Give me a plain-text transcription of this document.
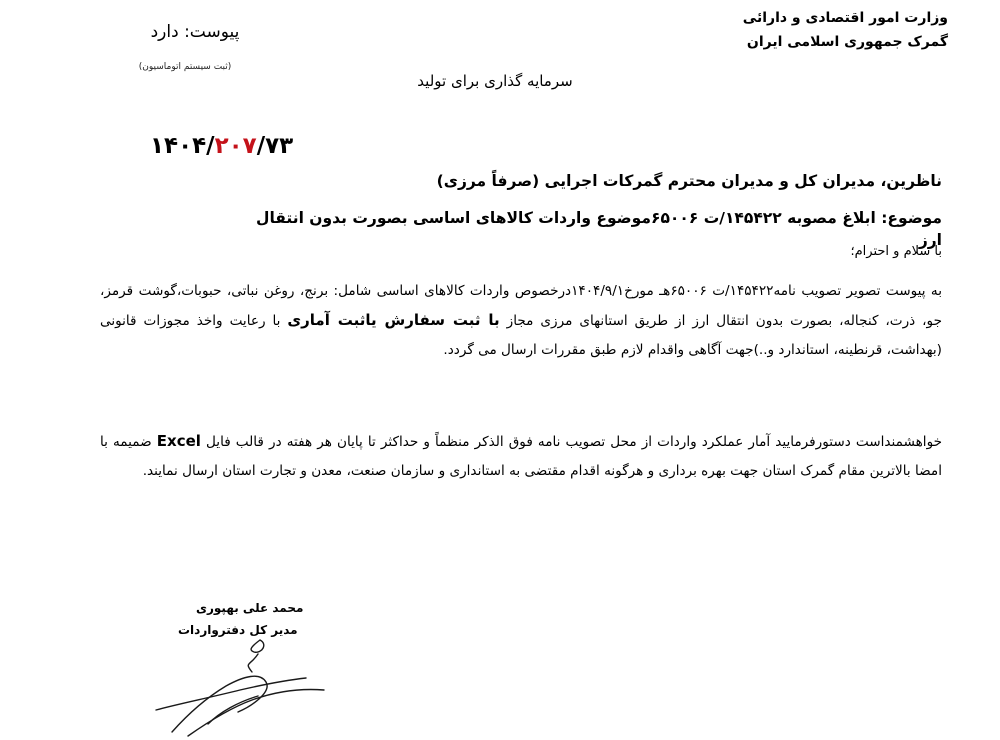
وزارت امور اقتصادی و دارائی
گمرک جمهوری اسلامی ایران
پیوست: دارد
(ثبت سیستم اتوماسیون)
سرمایه گذاری برای تولید
۱۴۰۴/۲۰۷/۷۳
ناظرین، مدیران کل و مدیران محترم گمرکات اجرایی (صرفاً مرزی)
موضوع: ابلاغ مصوبه ۱۴۵۴۲۲/ت ۶۵۰۰۶موضوع واردات کالاهای اساسی بصورت بدون انتقال ارز
با سلام و احترام؛
به پیوست تصویر تصویب نامه۱۴۵۴۲۲/ت ۶۵۰۰۶هـ مورخ۱۴۰۴/۹/۱درخصوص واردات کالاهای اساسی شامل: برنج، روغن نباتی، حبوبات،گوشت قرمز، جو، ذرت، کنجاله، بصورت بدون انتقال ارز از طریق استانهای مرزی مجاز با ثبت سفارش یاثبت آماری با رعایت واخذ مجوزات قانونی (بهداشت، قرنطینه، استاندارد و..)جهت آگاهی واقدام لازم طبق مقررات ارسال می گردد.
خواهشمنداست دستورفرمایید آمار عملکرد واردات از محل تصویب نامه فوق الذکر منظماً و حداکثر تا پایان هر هفته در قالب فایل Excel ضمیمه با امضا بالاترین مقام گمرک استان جهت بهره برداری و هرگونه اقدام مقتضی به استانداری و سازمان صنعت، معدن و تجارت استان ارسال نمایند.
محمد علی بهپوری
مدیر کل دفترواردات
